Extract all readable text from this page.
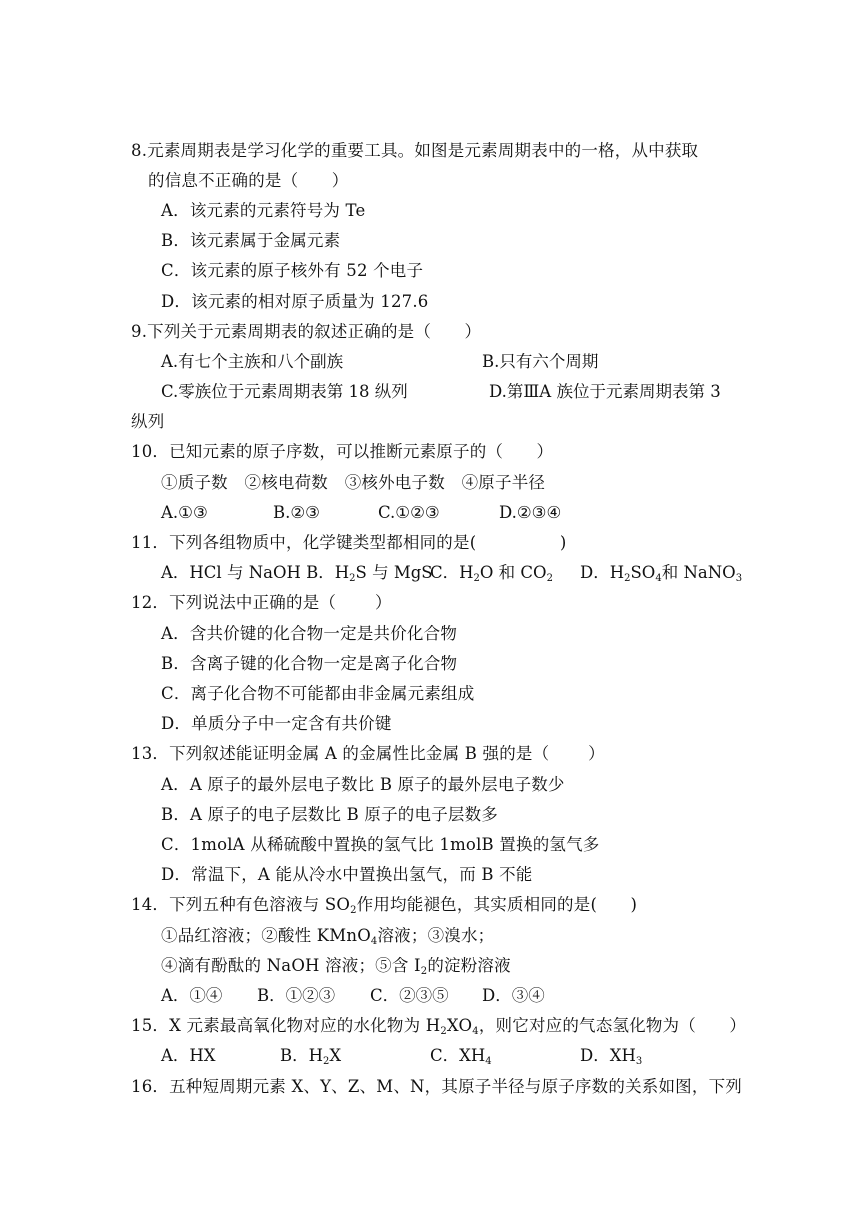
8.元素周期表是学习化学的重要工具。如图是元素周期表中的一格，从中获取
的信息不正确的是（　　）
A．该元素的元素符号为 Te
B．该元素属于金属元素
C．该元素的原子核外有 52 个电子
D．该元素的相对原子质量为 127.6
9.下列关于元素周期表的叙述正确的是（　　）
A.有七个主族和八个副族	B.只有六个周期
C.零族位于元素周期表第 18 纵列	D.第ⅢA 族位于元素周期表第 3
纵列
10．已知元素的原子序数，可以推断元素原子的（　　）
①质子数　②核电荷数　③核外电子数　④原子半径
A.①③	B.②③	C.①②③	D.②③④
11．下列各组物质中，化学键类型都相同的是(　　　　　)
A．HCl 与 NaOH B．$H_2S$ 与 MgS
C．$H_2O$ 和 $CO_2$ D．$H_2SO_4$和 NaNO$_3$
12．下列说法中正确的是（　　 ）
A．含共价键的化合物一定是共价化合物
B．含离子键的化合物一定是离子化合物
C．离子化合物不可能都由非金属元素组成
D．单质分子中一定含有共价键
13．下列叙述能证明金属 A 的金属性比金属 B 强的是（　　 ）
A．A 原子的最外层电子数比 B 原子的最外层电子数少
B．A 原子的电子层数比 B 原子的电子层数多
C．1molA 从稀硫酸中置换的氢气比 1molB 置换的氢气多
D．常温下，A 能从冷水中置换出氢气，而 B 不能
14．下列五种有色溶液与 $SO_2$作用均能褪色，其实质相同的是(　　)
①品红溶液；②酸性 KMnO$_4$溶液；③溴水；
④滴有酚酞的 NaOH 溶液；⑤含 $I_2$的淀粉溶液
A．①④ B．①②③ C．②③⑤ D．③④
15．X 元素最高氧化物对应的水化物为 $H_2XO_4$，则它对应的气态氢化物为（　　）
A．HX	B．$H_2X$	C．$XH_4$	D．$XH_3$
16．五种短周期元素 X、Y、Z、M、N，其原子半径与原子序数的关系如图，下列
